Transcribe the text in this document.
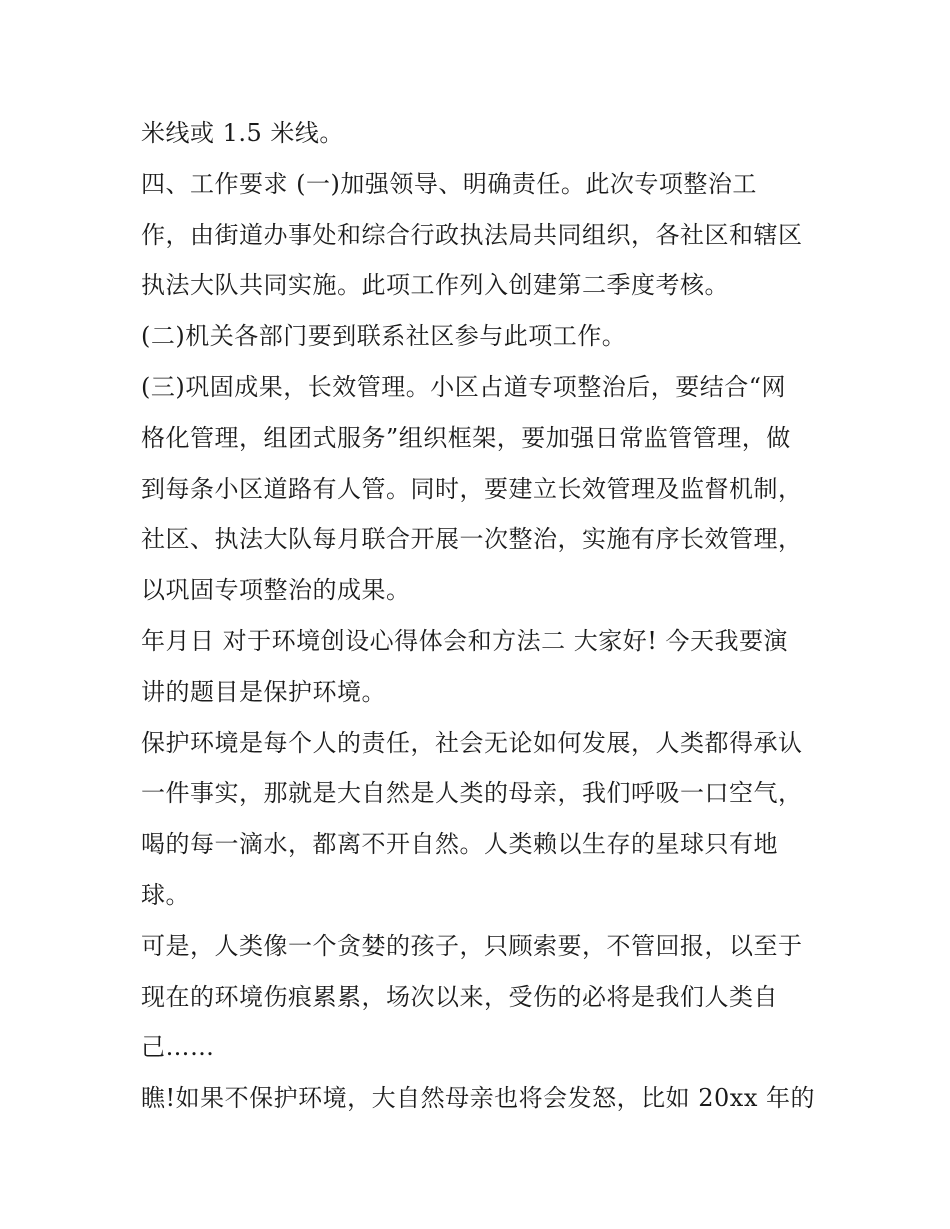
米线或 1.5 米线。
四、工作要求 (一)加强领导、明确责任。此次专项整治工
作，由街道办事处和综合行政执法局共同组织，各社区和辖区
执法大队共同实施。此项工作列入创建第二季度考核。
(二)机关各部门要到联系社区参与此项工作。
(三)巩固成果，长效管理。小区占道专项整治后，要结合“网
格化管理，组团式服务”组织框架，要加强日常监管管理，做
到每条小区道路有人管。同时，要建立长效管理及监督机制，
社区、执法大队每月联合开展一次整治，实施有序长效管理，
以巩固专项整治的成果。
年月日 对于环境创设心得体会和方法二 大家好! 今天我要演
讲的题目是保护环境。
保护环境是每个人的责任，社会无论如何发展，人类都得承认
一件事实，那就是大自然是人类的母亲，我们呼吸一口空气，
喝的每一滴水，都离不开自然。人类赖以生存的星球只有地
球。
可是，人类像一个贪婪的孩子，只顾索要，不管回报，以至于
现在的环境伤痕累累，场次以来，受伤的必将是我们人类自
己……
瞧!如果不保护环境，大自然母亲也将会发怒，比如 20xx 年的
